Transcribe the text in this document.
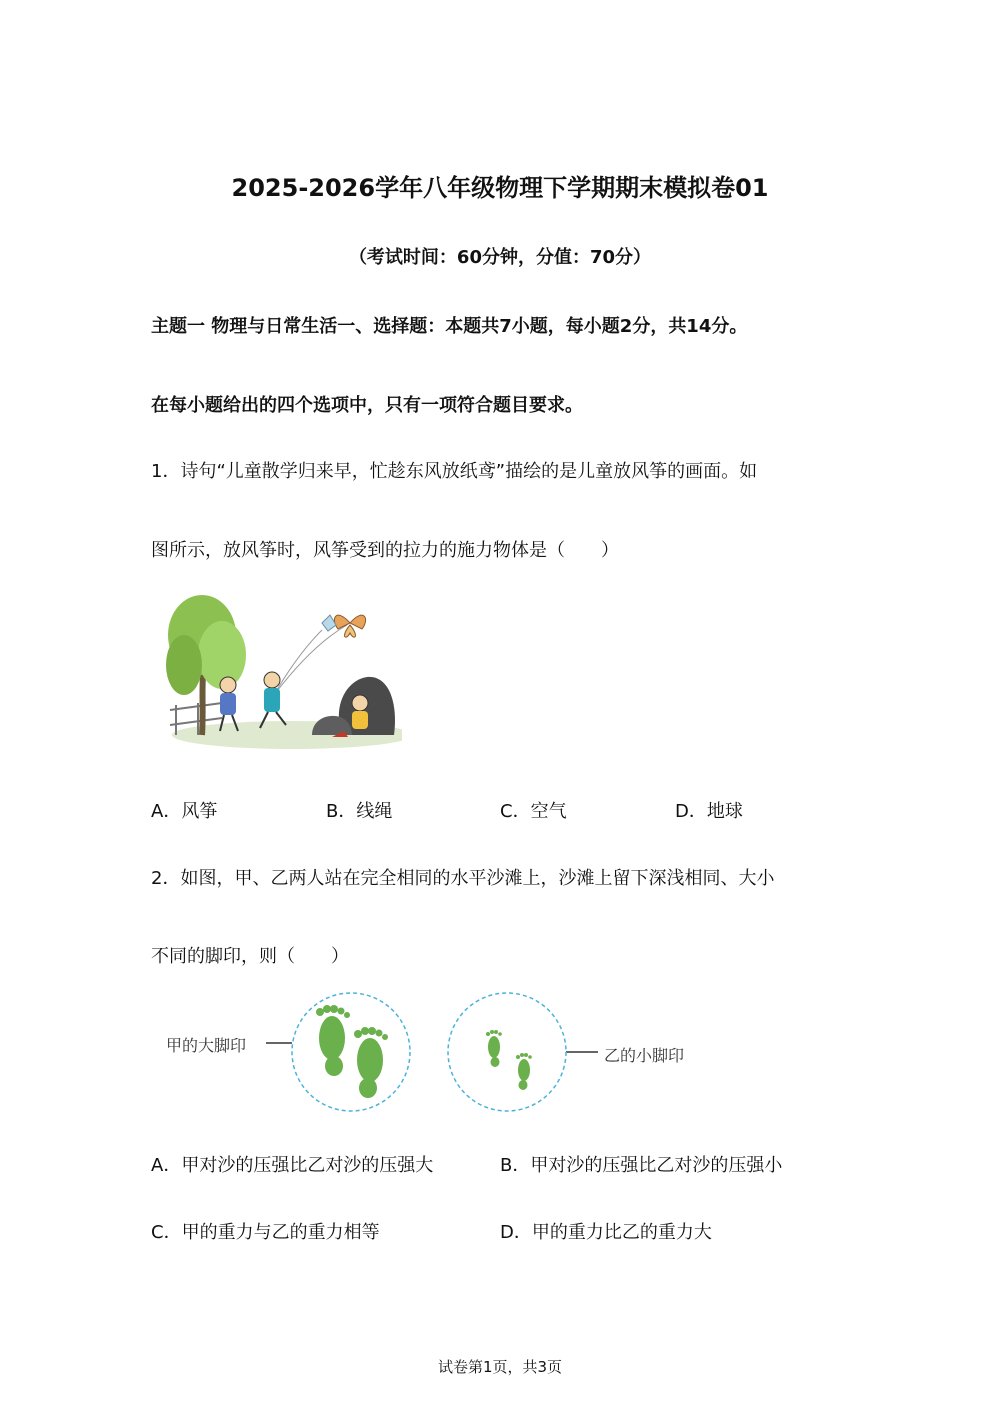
2025-2026学年八年级物理下学期期末模拟卷01
（考试时间：60分钟，分值：70分）
主题一 物理与日常生活一、选择题：本题共7小题，每小题2分，共14分。
在每小题给出的四个选项中，只有一项符合题目要求。
1．诗句“儿童散学归来早，忙趁东风放纸鸢”描绘的是儿童放风筝的画面。如
图所示，放风筝时，风筝受到的拉力的施力物体是（　　）
A．风筝	B．线绳	C．空气	D．地球
2．如图，甲、乙两人站在完全相同的水平沙滩上，沙滩上留下深浅相同、大小
不同的脚印，则（　　）
甲的大脚印
乙的小脚印
A．甲对沙的压强比乙对沙的压强大	B．甲对沙的压强比乙对沙的压强小
C．甲的重力与乙的重力相等	D．甲的重力比乙的重力大
试卷第1页，共3页
